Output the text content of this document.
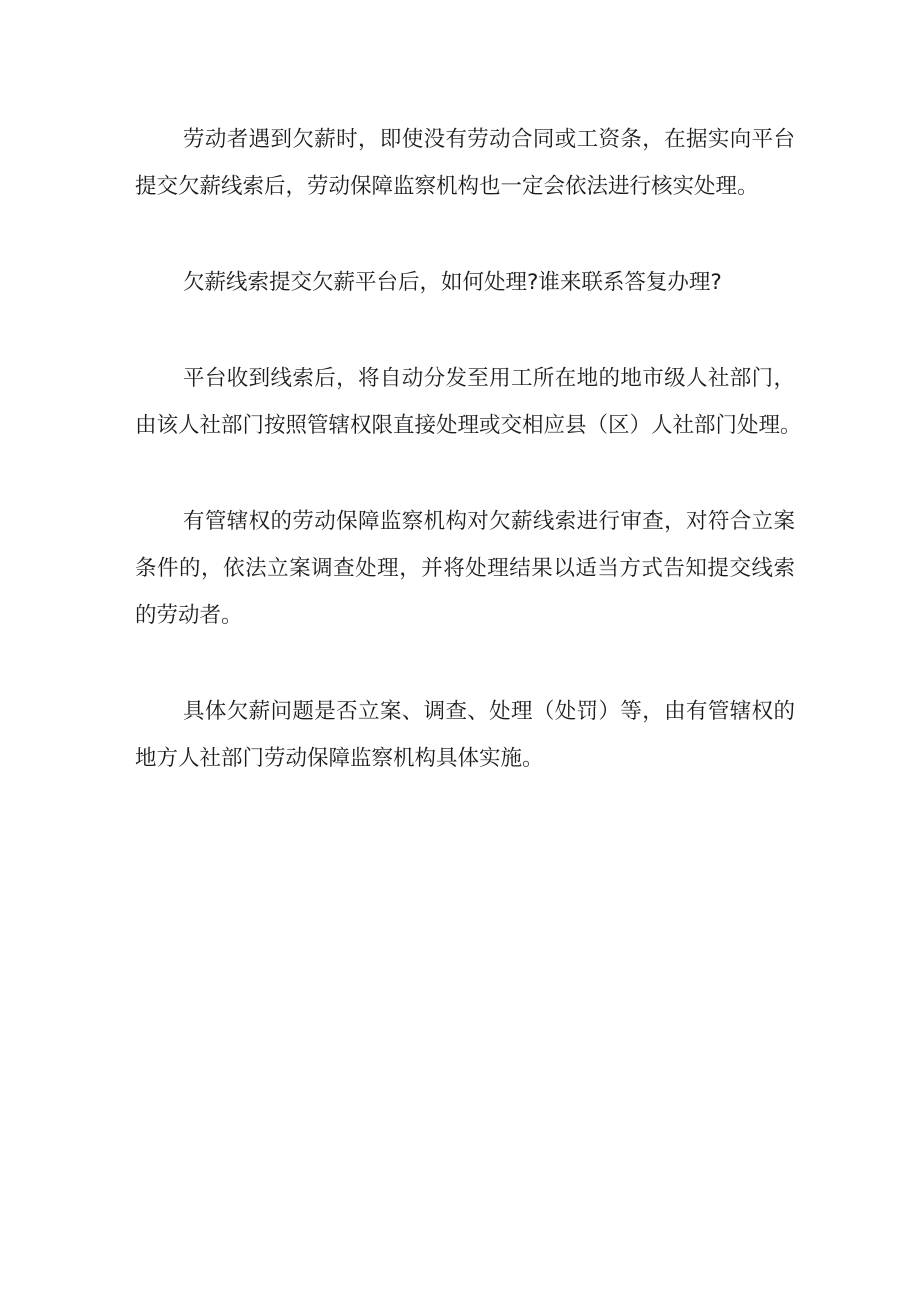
劳动者遇到欠薪时，即使没有劳动合同或工资条，在据实向平台
提交欠薪线索后，劳动保障监察机构也一定会依法进行核实处理。
欠薪线索提交欠薪平台后，如何处理?谁来联系答复办理?
平台收到线索后，将自动分发至用工所在地的地市级人社部门，
由该人社部门按照管辖权限直接处理或交相应县（区）人社部门处理。
有管辖权的劳动保障监察机构对欠薪线索进行审查，对符合立案
条件的，依法立案调查处理，并将处理结果以适当方式告知提交线索
的劳动者。
具体欠薪问题是否立案、调查、处理（处罚）等，由有管辖权的
地方人社部门劳动保障监察机构具体实施。
